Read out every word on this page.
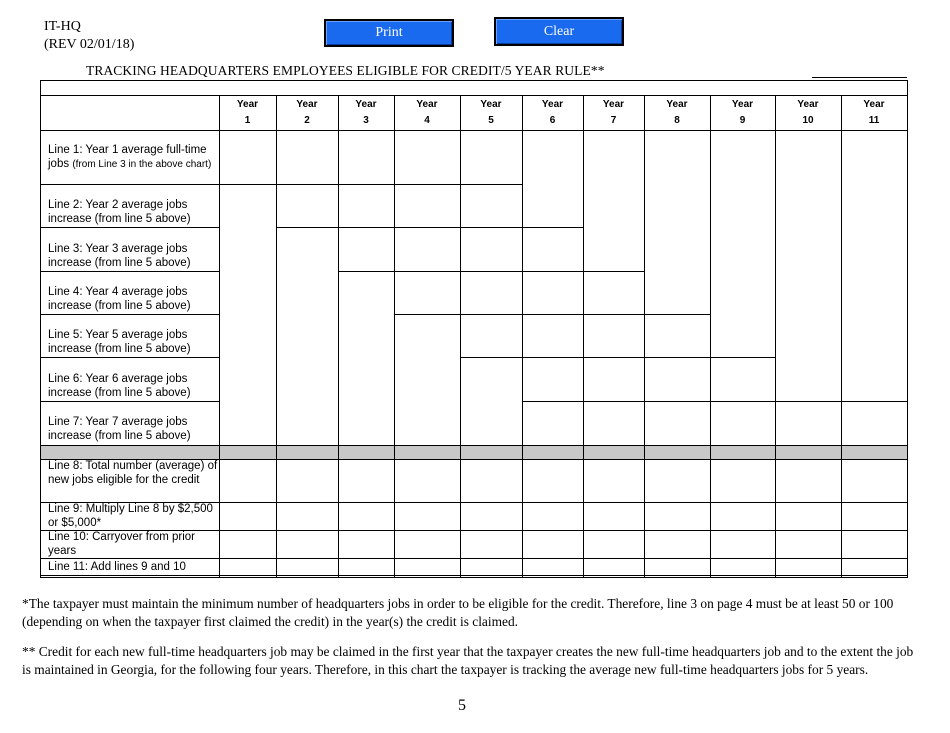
IT-HQ
(REV 02/01/18)
Print	Clear
TRACKING HEADQUARTERS EMPLOYEES ELIGIBLE FOR CREDIT/5 YEAR RULE**
Year
1
Year
2
Year
3
Year
4
Year
5
Year
6
Year
7
Year
8
Year
9
Year
10
Year
11
Line 1: Year 1 average full-time jobs (from Line 3 in the above chart)
Line 2: Year 2 average jobs increase (from line 5 above)
Line 3: Year 3 average jobs increase (from line 5 above)
Line 4: Year 4 average jobs increase (from line 5 above)
Line 5: Year 5 average jobs increase (from line 5 above)
Line 6: Year 6 average jobs increase (from line 5 above)
Line 7: Year 7 average jobs increase (from line 5 above)
Line 8: Total number (average) of new jobs eligible for the credit
Line 9: Multiply Line 8 by $2,500 or $5,000*
Line 10: Carryover from prior years
Line 11: Add lines 9 and 10
*The taxpayer must maintain the minimum number of headquarters jobs in order to be eligible for the credit. Therefore, line 3 on page 4 must be at least 50 or 100 (depending on when the taxpayer first claimed the credit) in the year(s) the credit is claimed.
** Credit for each new full-time headquarters job may be claimed in the first year that the taxpayer creates the new full-time headquarters job and to the extent the job is maintained in Georgia, for the following four years. Therefore, in this chart the taxpayer is tracking the average new full-time headquarters jobs for 5 years.
5
